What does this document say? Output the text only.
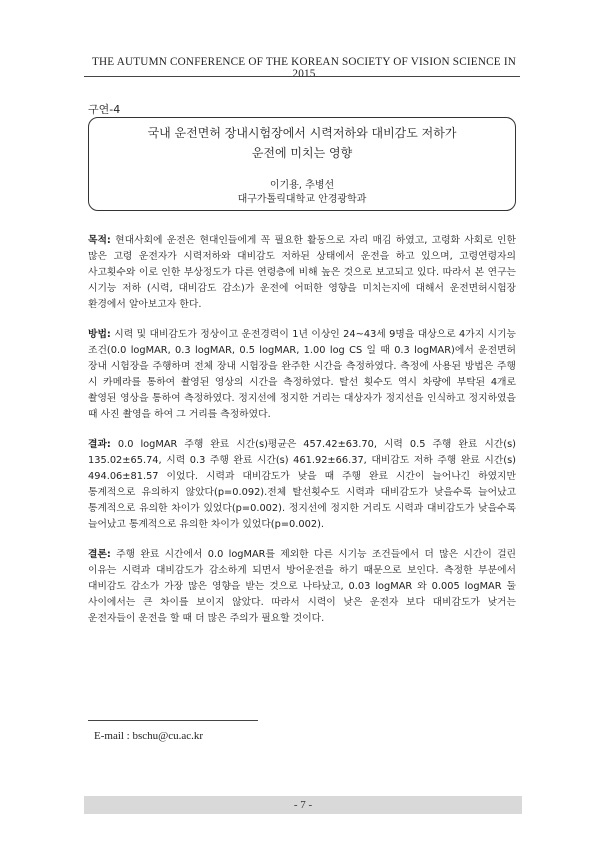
THE AUTUMN CONFERENCE OF THE KOREAN SOCIETY OF VISION SCIENCE IN 2015
구연-4
국내 운전면허 장내시험장에서 시력저하와 대비감도 저하가
운전에 미치는 영향
이기용, 추병선
대구가톨릭대학교 안경광학과

목적: 현대사회에 운전은 현대인들에게 꼭 필요한 활동으로 자리 매김 하였고, 고령화 사회로 인한 많은 고령 운전자가 시력저하와 대비감도 저하된 상태에서 운전을 하고 있으며, 고령연령자의 사고횟수와 이로 인한 부상정도가 다른 연령층에 비해 높은 것으로 보고되고 있다. 따라서 본 연구는 시기능 저하 (시력, 대비감도 감소)가 운전에 어떠한 영향을 미치는지에 대해서 운전면허시험장 환경에서 알아보고자 한다.

방법: 시력 및 대비감도가 정상이고 운전경력이 1년 이상인 24~43세 9명을 대상으로 4가지 시기능 조건(0.0 logMAR, 0.3 logMAR, 0.5 logMAR, 1.00 log CS 일 때 0.3 logMAR)에서 운전면허 장내 시험장을 주행하며 전체 장내 시험장을 완주한 시간을 측정하였다. 측정에 사용된 방법은 주행 시 카메라를 통하여 촬영된 영상의 시간을 측정하였다. 탈선 횟수도 역시 차량에 부탁된 4개로 촬영된 영상을 통하여 측정하였다. 정지선에 정지한 거리는 대상자가 정지선을 인식하고 정지하였을 때 사진 촬영을 하여 그 거리를 측정하였다.

결과: 0.0 logMAR 주행 완료 시간(s)평균은 457.42±63.70, 시력 0.5 주행 완료 시간(s) 135.02±65.74, 시력 0.3 주행 완료 시간(s) 461.92±66.37, 대비감도 저하 주행 완료 시간(s) 494.06±81.57 이었다. 시력과 대비감도가 낮을 때 주행 완료 시간이 늘어나긴 하였지만 통계적으로 유의하지 않았다(p=0.092).전체 탈선횟수도 시력과 대비감도가 낮을수록 늘어났고 통계적으로 유의한 차이가 있었다(p=0.002). 정지선에 정지한 거리도 시력과 대비감도가 낮을수록 늘어났고 통계적으로 유의한 차이가 있었다(p=0.002).

결론: 주행 완료 시간에서 0.0 logMAR를 제외한 다른 시기능 조건들에서 더 많은 시간이 걸린 이유는 시력과 대비감도가 감소하게 되면서 방어운전을 하기 때문으로 보인다. 측정한 부분에서 대비감도 감소가 가장 많은 영향을 받는 것으로 나타났고, 0.03 logMAR 와 0.005 logMAR 둘 사이에서는 큰 차이를 보이지 않았다. 따라서 시력이 낮은 운전자 보다 대비감도가 낮거는 운전자들이 운전을 할 때 더 많은 주의가 필요할 것이다.

E-mail : bschu@cu.ac.kr
- 7 -
